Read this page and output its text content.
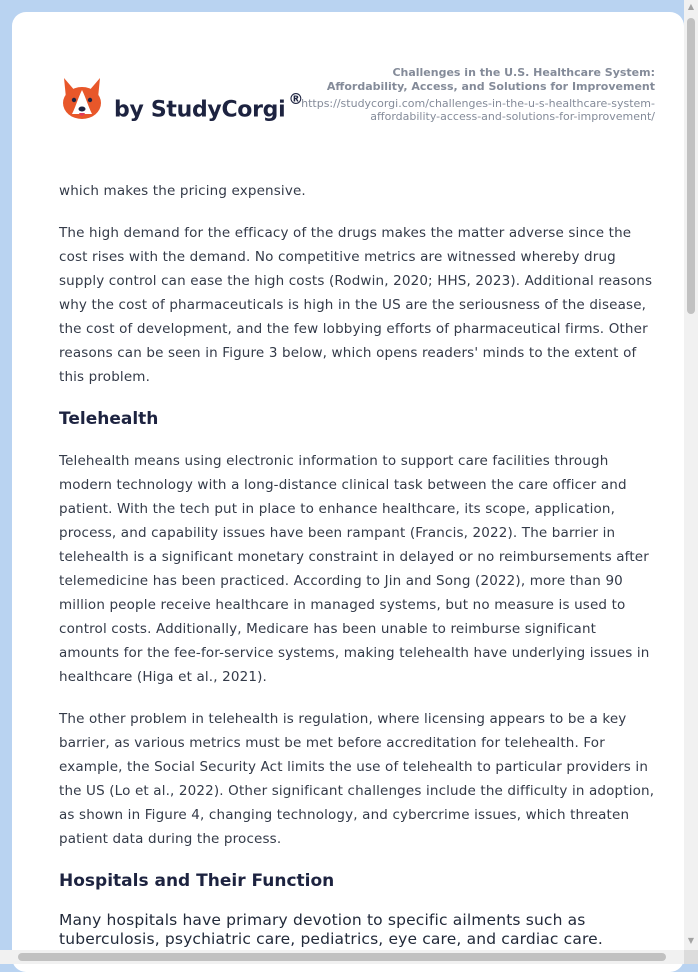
by StudyCorgi ®
Challenges in the U.S. Healthcare System: Affordability, Access, and Solutions for Improvement
https://studycorgi.com/challenges-in-the-u-s-healthcare-system-affordability-access-and-solutions-for-improvement/

which makes the pricing expensive.

The high demand for the efficacy of the drugs makes the matter adverse since the cost rises with the demand. No competitive metrics are witnessed whereby drug supply control can ease the high costs (Rodwin, 2020; HHS, 2023). Additional reasons why the cost of pharmaceuticals is high in the US are the seriousness of the disease, the cost of development, and the few lobbying efforts of pharmaceutical firms. Other reasons can be seen in Figure 3 below, which opens readers' minds to the extent of this problem.

Telehealth

Telehealth means using electronic information to support care facilities through modern technology with a long-distance clinical task between the care officer and patient. With the tech put in place to enhance healthcare, its scope, application, process, and capability issues have been rampant (Francis, 2022). The barrier in telehealth is a significant monetary constraint in delayed or no reimbursements after telemedicine has been practiced. According to Jin and Song (2022), more than 90 million people receive healthcare in managed systems, but no measure is used to control costs. Additionally, Medicare has been unable to reimburse significant amounts for the fee-for-service systems, making telehealth have underlying issues in healthcare (Higa et al., 2021).

The other problem in telehealth is regulation, where licensing appears to be a key barrier, as various metrics must be met before accreditation for telehealth. For example, the Social Security Act limits the use of telehealth to particular providers in the US (Lo et al., 2022). Other significant challenges include the difficulty in adoption, as shown in Figure 4, changing technology, and cybercrime issues, which threaten patient data during the process.

Hospitals and Their Function

Many hospitals have primary devotion to specific ailments such as tuberculosis, psychiatric care, pediatrics, eye care, and cardiac care.

▲
▼
